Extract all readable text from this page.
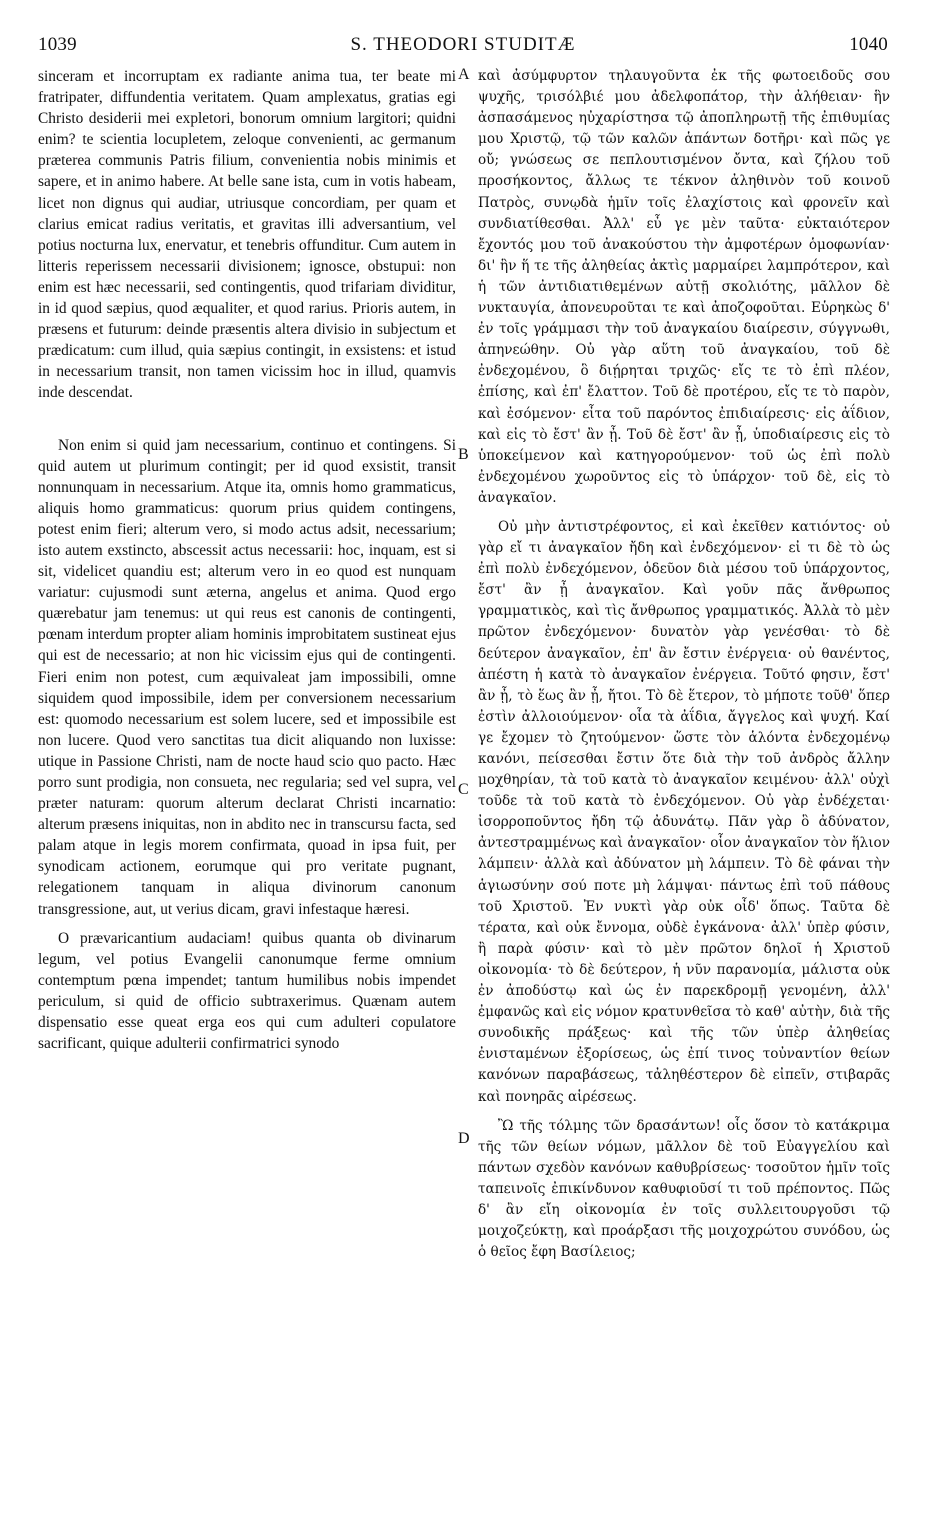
1039	S. THEODORI STUDITÆ	1040

sinceram et incorruptam ex radiante anima tua, ter beate mi fratripater, diffundentia veritatem. Quam amplexatus, gratias egi Christo desiderii mei expletori, bonorum omnium largitori; quidni enim? te scientia locupletem, zeloque convenienti, ac germanum præterea communis Patris filium, convenientia nobis minimis et sapere, et in animo habere. At belle sane ista, cum in votis habeam, licet non dignus qui audiar, utriusque concordiam, per quam et clarius emicat radius veritatis, et gravitas illi adversantium, vel potius nocturna lux, enervatur, et tenebris offunditur. Cum autem in litteris reperissem necessarii divisionem; ignosce, obstupui: non enim est hæc necessarii, sed contingentis, quod trifariam dividitur, in id quod sæpius, quod æqualiter, et quod rarius. Prioris autem, in præsens et futurum: deinde præsentis altera divisio in subjectum et prædicatum: cum illud, quia sæpius contingit, in exsistens: et istud in necessarium transit, non tamen vicissim hoc in illud, quamvis inde descendat.

Non enim si quid jam necessarium, continuo et contingens. Si quid autem ut plurimum contingit; per id quod exsistit, transit nonnunquam in necessarium. Atque ita, omnis homo grammaticus, aliquis homo grammaticus: quorum prius quidem contingens, potest enim fieri; alterum vero, si modo actus adsit, necessarium; isto autem exstincto, abscessit actus necessarii: hoc, inquam, est si sit, videlicet quandiu est; alterum vero in eo quod est nunquam variatur: cujusmodi sunt æterna, angelus et anima. Quod ergo quærebatur jam tenemus: ut qui reus est canonis de contingenti, pœnam interdum propter aliam hominis improbitatem sustineat ejus qui est de necessario; at non hic vicissim ejus qui de contingenti. Fieri enim non potest, cum æquivaleat jam impossibili, omne siquidem quod impossibile, idem per conversionem necessarium est: quomodo necessarium est solem lucere, sed et impossibile est non lucere. Quod vero sanctitas tua dicit aliquando non luxisse: utique in Passione Christi, nam de nocte haud scio quo pacto. Hæc porro sunt prodigia, non consueta, nec regularia; sed vel supra, vel præter naturam: quorum alterum declarat Christi incarnatio: alterum præsens iniquitas, non in abdito nec in transcursu facta, sed palam atque in legis morem confirmata, quoad in ipsa fuit, per synodicam actionem, eorumque qui pro veritate pugnant, relegationem tanquam in aliqua divinorum canonum transgressione, aut, ut verius dicam, gravi infestaque hæresi.

O prævaricantium audaciam! quibus quanta ob divinarum legum, vel potius Evangelii canonumque ferme omnium contemptum pœna impendet; tantum humilibus nobis impendet periculum, si quid de officio subtraxerimus. Quænam autem dispensatio esse queat erga eos qui cum adulteri copulatore sacrificant, quique adulterii confirmatrici synodo

A
B
C
D

καὶ ἀσύμφυρτον τηλαυγοῦντα ἐκ τῆς φωτοειδοῦς σου ψυχῆς, τρισόλβιέ μου ἀδελφοπάτορ, τὴν ἀλήθειαν· ἣν ἀσπασάμενος ηὐχαρίστησα τῷ ἀποπληρωτῇ τῆς ἐπιθυμίας μου Χριστῷ, τῷ τῶν καλῶν ἁπάντων δοτῆρι· καὶ πῶς γε οὔ; γνώσεως σε πεπλουτισμένον ὄντα, καὶ ζήλου τοῦ προσήκοντος, ἄλλως τε τέκνον ἀληθινὸν τοῦ κοινοῦ Πατρὸς, συνῳδὰ ἡμῖν τοῖς ἐλαχίστοις καὶ φρονεῖν καὶ συνδιατίθεσθαι. Ἀλλ' εὖ γε μὲν ταῦτα· εὐκταιότερον ἔχοντός μου τοῦ ἀνακούστου τὴν ἀμφοτέρων ὁμοφωνίαν· δι' ἣν ἥ τε τῆς ἀληθείας ἀκτὶς μαρμαίρει λαμπρότερον, καὶ ἡ τῶν ἀντιδιατιθεμένων αὐτῇ σκολιότης, μᾶλλον δὲ νυκταυγία, ἀπονευροῦται τε καὶ ἀποζοφοῦται. Εὑρηκὼς δ' ἐν τοῖς γράμμασι τὴν τοῦ ἀναγκαίου διαίρεσιν, σύγγνωθι, ἀπηνεώθην. Οὐ γὰρ αὕτη τοῦ ἀναγκαίου, τοῦ δὲ ἐνδεχομένου, ὃ διῄρηται τριχῶς· εἴς τε τὸ ἐπὶ πλέον, ἐπίσης, καὶ ἐπ' ἔλαττον. Τοῦ δὲ προτέρου, εἴς τε τὸ παρὸν, καὶ ἐσόμενον· εἶτα τοῦ παρόντος ἐπιδιαίρεσις· εἰς ἀΐδιον, καὶ εἰς τὸ ἔστ' ἂν ᾖ. Τοῦ δὲ ἔστ' ἂν ᾖ, ὑποδιαίρεσις εἰς τὸ ὑποκείμενον καὶ κατηγορούμενον· τοῦ ὡς ἐπὶ πολὺ ἐνδεχομένου χωροῦντος εἰς τὸ ὑπάρχον· τοῦ δὲ, εἰς τὸ ἀναγκαῖον.

Οὐ μὴν ἀντιστρέφοντος, εἰ καὶ ἐκεῖθεν κατιόντος· οὐ γὰρ εἴ τι ἀναγκαῖον ἤδη καὶ ἐνδεχόμενον· εἰ τι δὲ τὸ ὡς ἐπὶ πολὺ ἐνδεχόμενον, ὁδεῦον διὰ μέσου τοῦ ὑπάρχοντος, ἔστ' ἂν ᾖ ἀναγκαῖον. Καὶ γοῦν πᾶς ἄνθρωπος γραμματικὸς, καὶ τὶς ἄνθρωπος γραμματικός. Ἀλλὰ τὸ μὲν πρῶτον ἐνδεχόμενον· δυνατὸν γὰρ γενέσθαι· τὸ δὲ δεύτερον ἀναγκαῖον, ἐπ' ἂν ἔστιν ἐνέργεια· οὐ θανέντος, ἀπέστη ἡ κατὰ τὸ ἀναγκαῖον ἐνέργεια. Τοῦτό φησιν, ἔστ' ἂν ᾖ, τὸ ἕως ἂν ᾖ, ἤτοι. Τὸ δὲ ἕτερον, τὸ μήποτε τοῦθ' ὅπερ ἐστὶν ἀλλοιούμενον· οἷα τὰ ἀΐδια, ἄγγελος καὶ ψυχή. Καί γε ἔχομεν τὸ ζητούμενον· ὥστε τὸν ἁλόντα ἐνδεχομένῳ κανόνι, πείσεσθαι ἔστιν ὅτε διὰ τὴν τοῦ ἀνδρὸς ἄλλην μοχθηρίαν, τὰ τοῦ κατὰ τὸ ἀναγκαῖον κειμένου· ἀλλ' οὐχὶ τοῦδε τὰ τοῦ κατὰ τὸ ἐνδεχόμενον. Οὐ γὰρ ἐνδέχεται· ἰσορροποῦντος ἤδη τῷ ἀδυνάτῳ. Πᾶν γὰρ ὃ ἀδύνατον, ἀντεστραμμένως καὶ ἀναγκαῖον· οἷον ἀναγκαῖον τὸν ἥλιον λάμπειν· ἀλλὰ καὶ ἀδύνατον μὴ λάμπειν. Τὸ δὲ φάναι τὴν ἁγιωσύνην σού ποτε μὴ λάμψαι· πάντως ἐπὶ τοῦ πάθους τοῦ Χριστοῦ. Ἐν νυκτὶ γὰρ οὐκ οἶδ' ὅπως. Ταῦτα δὲ τέρατα, καὶ οὐκ ἔννομα, οὐδὲ ἐγκάνονα· ἀλλ' ὑπὲρ φύσιν, ἢ παρὰ φύσιν· καὶ τὸ μὲν πρῶτον δηλοῖ ἡ Χριστοῦ οἰκονομία· τὸ δὲ δεύτερον, ἡ νῦν παρανομία, μάλιστα οὐκ ἐν ἀποδύστῳ καὶ ὡς ἐν παρεκδρομῇ γενομένη, ἀλλ' ἐμφανῶς καὶ εἰς νόμον κρατυνθεῖσα τὸ καθ' αὐτὴν, διὰ τῆς συνοδικῆς πράξεως· καὶ τῆς τῶν ὑπὲρ ἀληθείας ἐνισταμένων ἐξορίσεως, ὡς ἐπί τινος τοὐναντίον θείων κανόνων παραβάσεως, τἀληθέστερον δὲ εἰπεῖν, στιβαρᾶς καὶ πονηρᾶς αἱρέσεως.

Ὢ τῆς τόλμης τῶν δρασάντων! οἷς ὅσον τὸ κατάκριμα τῆς τῶν θείων νόμων, μᾶλλον δὲ τοῦ Εὐαγγελίου καὶ πάντων σχεδὸν κανόνων καθυβρίσεως· τοσοῦτον ἡμῖν τοῖς ταπεινοῖς ἐπικίνδυνον καθυφιοῦσί τι τοῦ πρέποντος. Πῶς δ' ἂν εἴη οἰκονομία ἐν τοῖς συλλειτουργοῦσι τῷ μοιχοζεύκτῃ, καὶ προάρξασι τῆς μοιχοχρώτου συνόδου, ὡς ὁ θεῖος ἔφη Βασίλειος;
